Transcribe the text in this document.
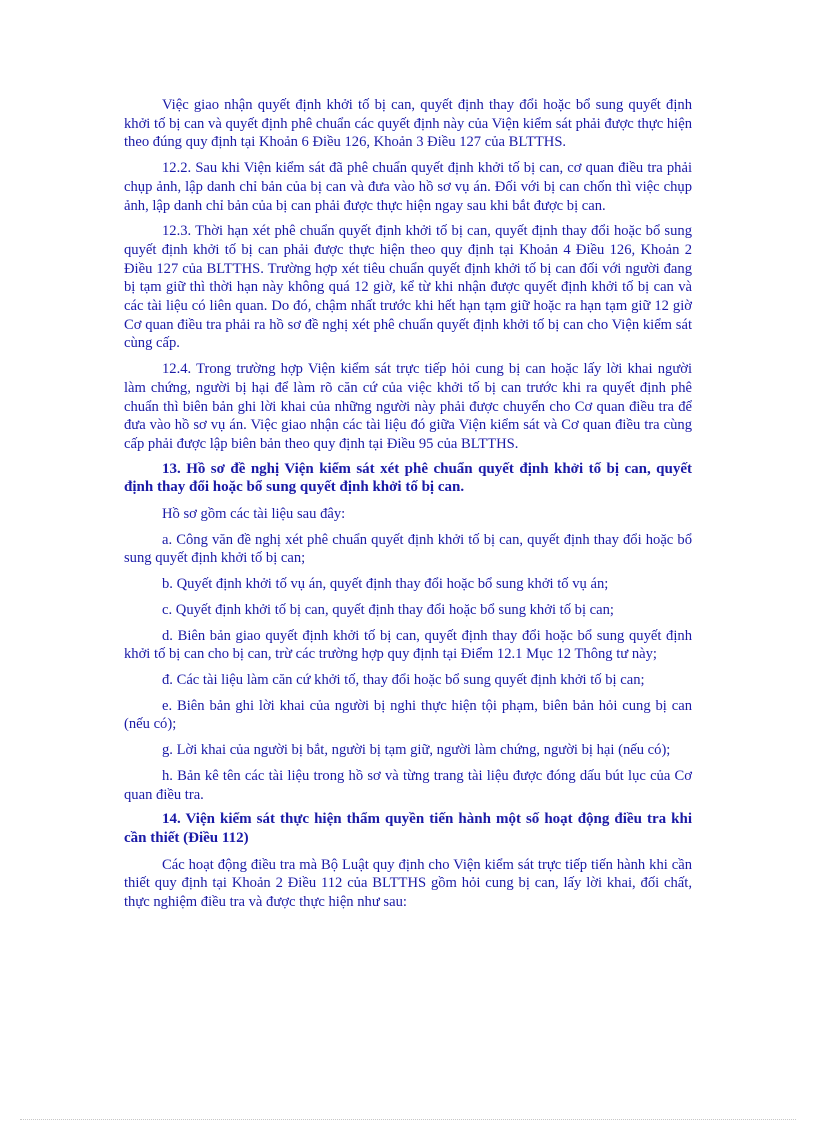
Việc giao nhận quyết định khởi tố bị can, quyết định thay đổi hoặc bổ sung quyết định khởi tố bị can và quyết định phê chuẩn các quyết định này của Viện kiểm sát phải được thực hiện theo đúng quy định tại Khoản 6 Điều 126, Khoản 3 Điều 127 của BLTTHS.

12.2. Sau khi Viện kiểm sát đã phê chuẩn quyết định khởi tố bị can, cơ quan điều tra phải chụp ảnh, lập danh chỉ bản của bị can và đưa vào hồ sơ vụ án. Đối với bị can chốn thì việc chụp ảnh, lập danh chỉ bản của bị can phải được thực hiện ngay sau khi bắt được bị can.

12.3. Thời hạn xét phê chuẩn quyết định khởi tố bị can, quyết định thay đổi hoặc bổ sung quyết định khởi tố bị can phải được thực hiện theo quy định tại Khoản 4 Điều 126, Khoản 2 Điều 127 của BLTTHS. Trường hợp xét tiêu chuẩn quyết định khởi tố bị can đối với người đang bị tạm giữ thì thời hạn này không quá 12 giờ, kể từ khi nhận được quyết định khởi tố bị can và các tài liệu có liên quan. Do đó, chậm nhất trước khi hết hạn tạm giữ hoặc ra hạn tạm giữ 12 giờ Cơ quan điều tra phải ra hồ sơ đề nghị xét phê chuẩn quyết định khởi tố bị can cho Viện kiểm sát cùng cấp.

12.4. Trong trường hợp Viện kiểm sát trực tiếp hỏi cung bị can hoặc lấy lời khai người làm chứng, người bị hại để làm rõ căn cứ của việc khởi tố bị can trước khi ra quyết định phê chuẩn thì biên bản ghi lời khai của những người này phải được chuyển cho Cơ quan điều tra để đưa vào hồ sơ vụ án. Việc giao nhận các tài liệu đó giữa Viện kiểm sát và Cơ quan điều tra cùng cấp phải được lập biên bản theo quy định tại Điều 95 của BLTTHS.

13. Hồ sơ đề nghị Viện kiểm sát xét phê chuẩn quyết định khởi tố bị can, quyết định thay đổi hoặc bổ sung quyết định khởi tố bị can.

Hồ sơ gồm các tài liệu sau đây:

a. Công văn đề nghị xét phê chuẩn quyết định khởi tố bị can, quyết định thay đổi hoặc bổ sung quyết định khởi tố bị can;

b. Quyết định khởi tố vụ án, quyết định thay đổi hoặc bổ sung khởi tố vụ án;

c. Quyết định khởi tố bị can, quyết định thay đổi hoặc bổ sung khởi tố bị can;

d. Biên bản giao quyết định khởi tố bị can, quyết định thay đổi hoặc bổ sung quyết định khởi tố bị can cho bị can, trừ các trường hợp quy định tại Điểm 12.1 Mục 12 Thông tư này;

đ. Các tài liệu làm căn cứ khởi tố, thay đổi hoặc bổ sung quyết định khởi tố bị can;

e. Biên bản ghi lời khai của người bị nghi thực hiện tội phạm, biên bản hỏi cung bị can (nếu có);

g. Lời khai của người bị bắt, người bị tạm giữ, người làm chứng, người bị hại (nếu có);

h. Bản kê tên các tài liệu trong hồ sơ và từng trang tài liệu được đóng dấu bút lục của Cơ quan điều tra.

14. Viện kiểm sát thực hiện thẩm quyền tiến hành một số hoạt động điều tra khi cần thiết (Điều 112)

Các hoạt động điều tra mà Bộ Luật quy định cho Viện kiểm sát trực tiếp tiến hành khi cần thiết quy định tại Khoản 2 Điều 112 của BLTTHS gồm hỏi cung bị can, lấy lời khai, đối chất, thực nghiệm điều tra và được thực hiện như sau:
